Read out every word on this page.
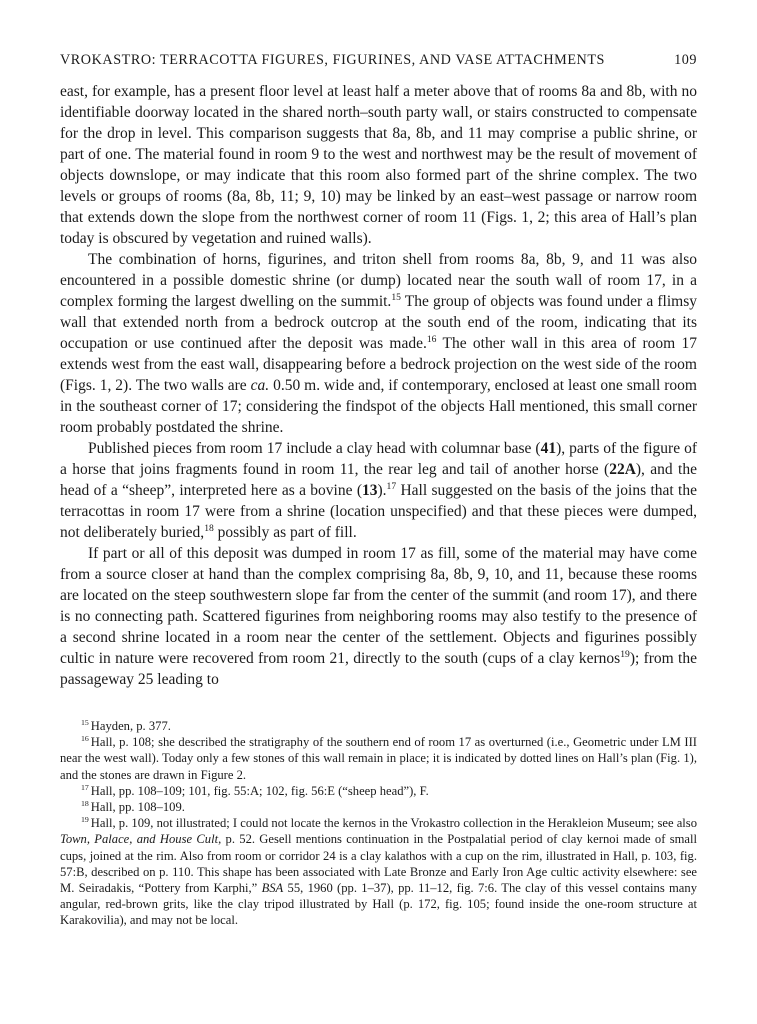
VROKASTRO: TERRACOTTA FIGURES, FIGURINES, AND VASE ATTACHMENTS	109

east, for example, has a present floor level at least half a meter above that of rooms 8a and 8b, with no identifiable doorway located in the shared north–south party wall, or stairs constructed to compensate for the drop in level. This comparison suggests that 8a, 8b, and 11 may comprise a public shrine, or part of one. The material found in room 9 to the west and northwest may be the result of movement of objects downslope, or may indicate that this room also formed part of the shrine complex. The two levels or groups of rooms (8a, 8b, 11; 9, 10) may be linked by an east–west passage or narrow room that extends down the slope from the northwest corner of room 11 (Figs. 1, 2; this area of Hall’s plan today is obscured by vegetation and ruined walls).

The combination of horns, figurines, and triton shell from rooms 8a, 8b, 9, and 11 was also encountered in a possible domestic shrine (or dump) located near the south wall of room 17, in a complex forming the largest dwelling on the summit.$^{15}$ The group of objects was found under a flimsy wall that extended north from a bedrock outcrop at the south end of the room, indicating that its occupation or use continued after the deposit was made.$^{16}$ The other wall in this area of room 17 extends west from the east wall, disappearing before a bedrock projection on the west side of the room (Figs. 1, 2). The two walls are ca. 0.50 m. wide and, if contemporary, enclosed at least one small room in the southeast corner of 17; considering the findspot of the objects Hall mentioned, this small corner room probably postdated the shrine.

Published pieces from room 17 include a clay head with columnar base (41), parts of the figure of a horse that joins fragments found in room 11, the rear leg and tail of another horse (22A), and the head of a “sheep”, interpreted here as a bovine (13).$^{17}$ Hall suggested on the basis of the joins that the terracottas in room 17 were from a shrine (location unspecified) and that these pieces were dumped, not deliberately buried,$^{18}$ possibly as part of fill.

If part or all of this deposit was dumped in room 17 as fill, some of the material may have come from a source closer at hand than the complex comprising 8a, 8b, 9, 10, and 11, because these rooms are located on the steep southwestern slope far from the center of the summit (and room 17), and there is no connecting path. Scattered figurines from neighboring rooms may also testify to the presence of a second shrine located in a room near the center of the settlement. Objects and figurines possibly cultic in nature were recovered from room 21, directly to the south (cups of a clay kernos$^{19}$); from the passageway 25 leading to

$^{15}$ Hayden, p. 377.

$^{16}$ Hall, p. 108; she described the stratigraphy of the southern end of room 17 as overturned (i.e., Geometric under LM III near the west wall). Today only a few stones of this wall remain in place; it is indicated by dotted lines on Hall’s plan (Fig. 1), and the stones are drawn in Figure 2.

$^{17}$ Hall, pp. 108–109; 101, fig. 55:A; 102, fig. 56:E (“sheep head”), F.

$^{18}$ Hall, pp. 108–109.

$^{19}$ Hall, p. 109, not illustrated; I could not locate the kernos in the Vrokastro collection in the Herakleion Museum; see also Town, Palace, and House Cult, p. 52. Gesell mentions continuation in the Postpalatial period of clay kernoi made of small cups, joined at the rim. Also from room or corridor 24 is a clay kalathos with a cup on the rim, illustrated in Hall, p. 103, fig. 57:B, described on p. 110. This shape has been associated with Late Bronze and Early Iron Age cultic activity elsewhere: see M. Seiradakis, “Pottery from Karphi,” BSA 55, 1960 (pp. 1–37), pp. 11–12, fig. 7:6. The clay of this vessel contains many angular, red-brown grits, like the clay tripod illustrated by Hall (p. 172, fig. 105; found inside the one-room structure at Karakovilia), and may not be local.
